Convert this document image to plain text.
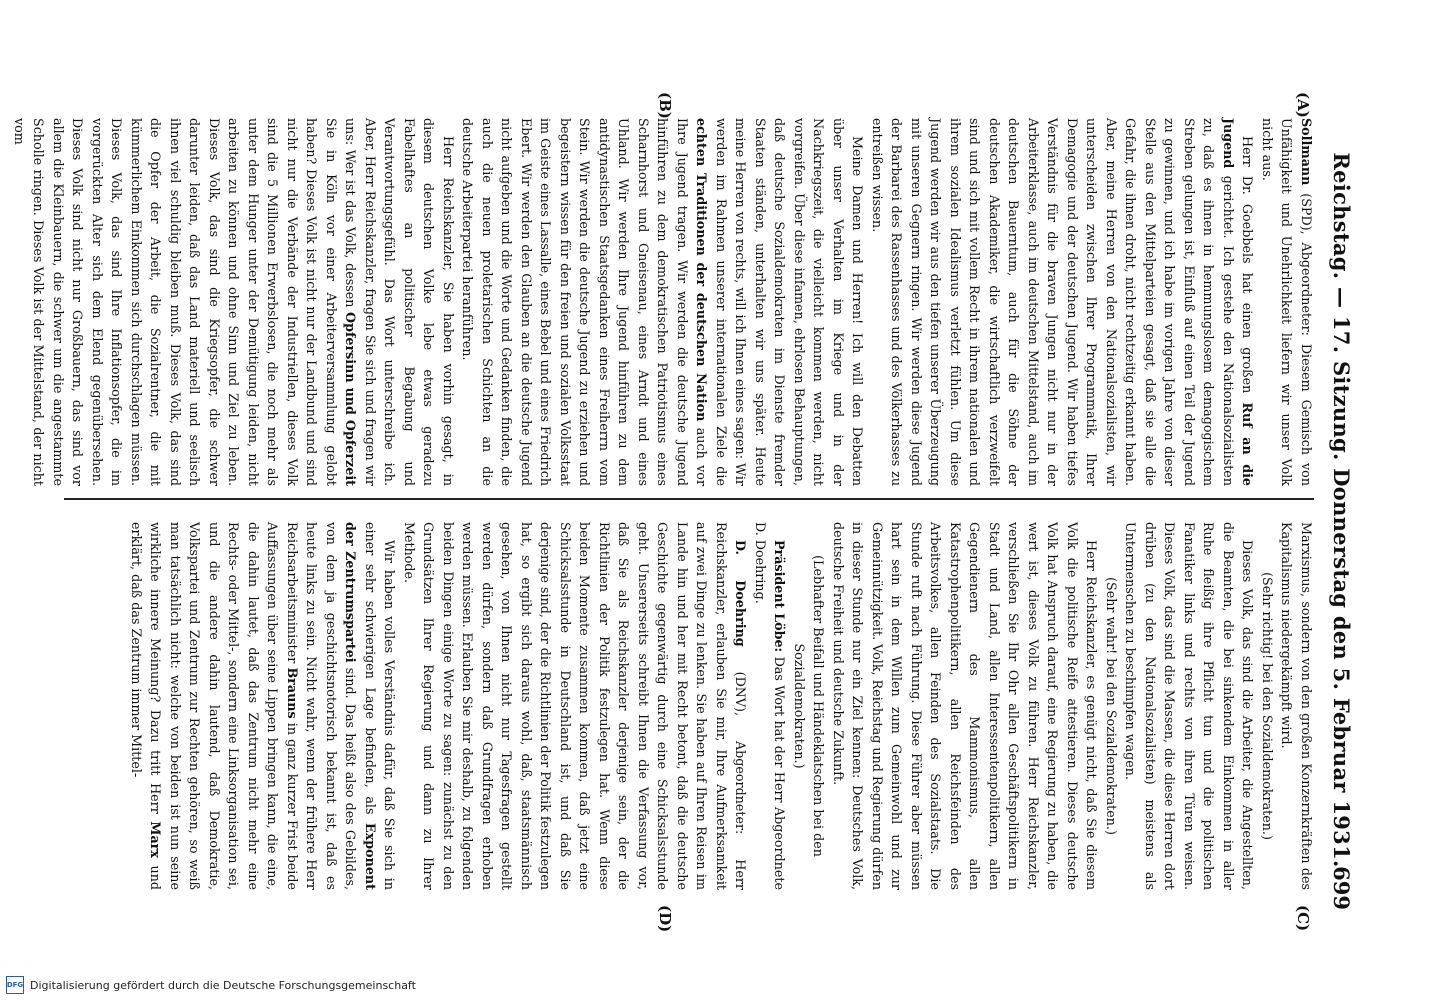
Reichstag. — 17. Sitzung. Donnerstag den 5. Februar 1931.
699
(A)
(B)
(C)
(D)

Sollmann (SPD), Abgeordneter: Diesem Gemisch von Unfähigkeit und Unehrlichkeit liefern wir unser Volk nicht aus.

Herr Dr. Goebbels hat einen großen Ruf an die Jugend gerichtet. Ich gestehe den Nationalsozialisten zu, daß es ihnen in hemmungslosem demagogischem Streben gelungen ist, Einfluß auf einen Teil der Jugend zu gewinnen, und ich habe im vorigen Jahre von dieser Stelle aus den Mittelparteien gesagt, daß sie alle die Gefahr, die ihnen droht, nicht rechtzeitig erkannt haben. Aber, meine Herren von den Nationalsozialisten, wir unterscheiden zwischen Ihrer Programmatik, Ihrer Demagogie und der deutschen Jugend. Wir haben tiefes Verständnis für die braven Jungen nicht nur in der Arbeiterklasse, auch im deutschen Mittelstand, auch im deutschen Bauerntum, auch für die Söhne der deutschen Akademiker, die wirtschaftlich verzweifelt sind und sich mit vollem Recht in ihrem nationalen und ihrem sozialen Idealismus verletzt fühlen. Um diese Jugend werden wir aus den tiefen unserer Überzeugung mit unseren Gegnern ringen. Wir werden diese Jugend der Barbarei des Rassenhasses und des Völkerhasses zu entreißen wissen.

Meine Damen und Herren! Ich will den Debatten über unser Verhalten im Kriege und in der Nachkriegszeit, die vielleicht kommen werden, nicht vorgreifen. Über diese infamen, ehrlosen Behauptungen, daß deutsche Sozialdemokraten im Dienste fremder Staaten ständen, unterhalten wir uns später. Heute meine Herren von rechts, will ich Ihnen eines sagen: Wir werden im Rahmen unserer internationalen Ziele die echten Traditionen der deutschen Nation auch vor Ihre Jugend tragen. Wir werden die deutsche Jugend hinführen zu dem demokratischen Patriotismus eines Scharnhorst und Gneisenau, eines Arndt und eines Uhland. Wir werden Ihre Jugend hinführen zu dem antidynastischen Staatsgedanken eines Freiherrn vom Stein. Wir werden die deutsche Jugend zu erziehen und begeistern wissen für den freien und sozialen Volksstaat im Geiste eines Lassalle, eines Bebel und eines Friedrich Ebert. Wir werden den Glauben an die deutsche Jugend nicht aufgeben und die Worte und Gedanken finden, die auch die neuen proletarischen Schichten an die deutsche Arbeiterpartei heranführen.

Herr Reichskanzler, Sie haben vorhin gesagt, in diesem deutschen Volke lebe etwas geradezu Fabelhaftes an politischer Begabung und Verantwortungsgefühl. Das Wort unterschreibe ich. Aber, Herr Reichskanzler, fragen Sie sich und fragen wir uns: Wer ist das Volk, dessen Opfersinn und Opferzeit Sie in Köln vor einer Arbeiterversammlung gelobt haben? Dieses Volk ist nicht nur der Landbund und sind nicht nur die Verbände der Industriellen, dieses Volk sind die 5 Millionen Erwerbslosen, die noch mehr als unter dem Hunger unter der Demütigung leiden, nicht arbeiten zu können und ohne Sinn und Ziel zu leben. Dieses Volk, das sind die Kriegsopfer, die schwer darunter leiden, daß das Land materiell und seelisch ihnen viel schuldig bleiben muß. Dieses Volk, das sind die Opfer der Arbeit, die Sozialrentner, die mit kümmerlichem Einkommen sich durchschlagen müssen. Dieses Volk, das sind Ihre Inflationsopfer, die im vorgerückten Alter sich dem Elend gegenübersehen. Dieses Volk sind nicht nur Großbauern, das sind vor allem die Kleinbauern, die schwer um die angestammte Scholle ringen. Dieses Volk ist der Mittelstand, der nicht vom

Marxismus, sondern von den großen Konzernkräften des Kapitalismus niedergekämpft wird.

(Sehr richtig! bei den Sozialdemokraten.)

Dieses Volk, das sind die Arbeiter, die Angestellten, die Beamten, die bei sinkendem Einkommen in aller Ruhe fleißig ihre Pflicht tun und die politischen Fanatiker links und rechts von ihren Türen weisen. Dieses Volk, das sind die Massen, die diese Herren dort drüben (zu den Nationalsozialisten) meistens als Untermenschen zu beschimpfen wagen.

(Sehr wahr! bei den Sozialdemokraten.)

Herr Reichskanzler, es genügt nicht, daß Sie diesem Volk die politische Reife attestieren. Dieses deutsche Volk hat Anspruch darauf, eine Regierung zu haben, die wert ist, dieses Volk zu führen. Herr Reichskanzler, verschließen Sie Ihr Ohr allen Geschäftspolitikern in Stadt und Land, allen Interessentenpolitikern, allen Gegendienern des Mammonismus, allen Katastrophenpolitikern, allen Reichsfeinden des Arbeitsvolkes, allen Feinden des Sozialstaats. Die Stunde ruft nach Führung. Diese Führer aber müssen hart sein in dem Willen zum Gemeinwohl und zur Gemeinnützigkeit. Volk, Reichstag und Regierung dürfen in dieser Stunde nur ein Ziel kennen: Deutsches Volk, deutsche Freiheit und deutsche Zukunft.

(Lebhafter Beifall und Händeklatschen bei den Sozialdemokraten.)

Präsident Löbe: Das Wort hat der Herr Abgeordnete D. Doehring.

D. Doehring (DNV), Abgeordneter: Herr Reichskanzler, erlauben Sie mir, Ihre Aufmerksamkeit auf zwei Dinge zu lenken. Sie haben auf Ihren Reisen im Lande hin und her mit Recht betont, daß die deutsche Geschichte gegenwärtig durch eine Schicksalsstunde geht. Unsererseits schreibt Ihnen die Verfassung vor, daß Sie als Reichskanzler derjenige sein, der die Richtlinien der Politik festzulegen hat. Wenn diese beiden Momente zusammen kommen, daß jetzt eine Schicksalsstunde in Deutschland ist, und daß Sie derjenige sind, der die Richtlinien der Politik festzulegen hat, so ergibt sich daraus wohl, daß, staatsmännisch gesehen, von Ihnen nicht nur Tagesfragen gestellt werden dürfen, sondern daß Grundfragen erhoben werden müssen. Erlauben Sie mir deshalb, zu folgenden beiden Dingen einige Worte zu sagen: zunächst zu den Grundsätzen Ihrer Regierung und dann zu Ihrer Methode.

Wir haben volles Verständnis dafür, daß Sie sich in einer sehr schwierigen Lage befinden, als Exponent der Zentrumspartei sind. Das heißt also des Gebildes, von dem ja geschichtsnotorisch bekannt ist, daß es heute links zu sein. Nicht wahr, wenn der frühere Herr Reichsarbeitsminister Brauns in ganz kurzer Frist beide Auffassungen über seine Lippen bringen kann, die eine, die dahin lautet, daß das Zentrum nicht mehr eine Rechts- oder Mittel-, sondern eine Linksorganisation sei, und die andere dahin lautend, daß Demokratie, Volkspartei und Zentrum zur Rechten gehören, so weiß man tatsächlich nicht: welche von beiden ist nun seine wirkliche innere Meinung? Dazu tritt Herr Marx und erklärt, daß das Zentrum immer Mittel-

DFG Digitalisierung gefördert durch die Deutsche Forschungsgemeinschaft
